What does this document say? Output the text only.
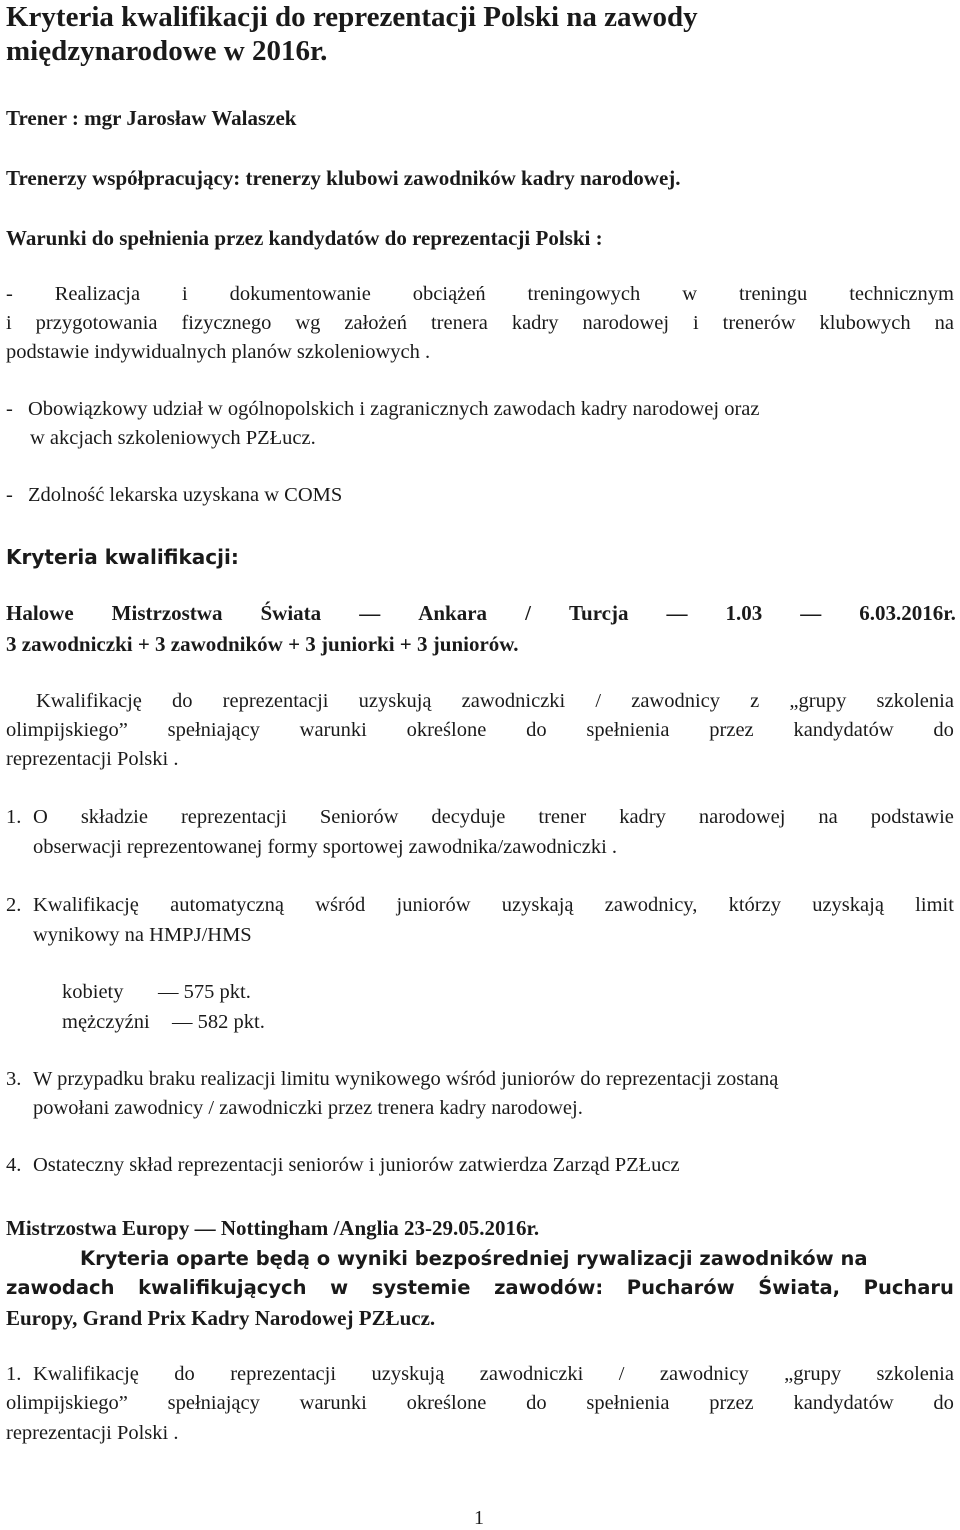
Kryteria kwalifikacji do reprezentacji Polski na zawody
międzynarodowe w 2016r.
Trener : mgr Jarosław Walaszek
Trenerzy współpracujący: trenerzy klubowi zawodników kadry narodowej.
Warunki do spełnienia przez kandydatów do reprezentacji Polski :
- Realizacja i dokumentowanie obciążeń treningowych w treningu technicznym
i przygotowania fizycznego wg założeń trenera kadry narodowej i trenerów klubowych na
podstawie indywidualnych planów szkoleniowych .
- Obowiązkowy udział w ogólnopolskich i zagranicznych zawodach kadry narodowej oraz
w akcjach szkoleniowych PZŁucz.
- Zdolność lekarska uzyskana w COMS
Kryteria kwalifikacji:
Halowe Mistrzostwa Świata — Ankara / Turcja — 1.03 — 6.03.2016r.
3 zawodniczki + 3 zawodników + 3 juniorki + 3 juniorów.
Kwalifikację do reprezentacji uzyskują zawodniczki / zawodnicy z „grupy szkolenia
olimpijskiego” spełniający warunki określone do spełnienia przez kandydatów do
reprezentacji Polski .
1. O składzie reprezentacji Seniorów decyduje trener kadry narodowej na podstawie
obserwacji reprezentowanej formy sportowej zawodnika/zawodniczki .
2. Kwalifikację automatyczną wśród juniorów uzyskają zawodnicy, którzy uzyskają limit
wynikowy na HMPJ/HMS
kobiety — 575 pkt.
mężczyźni — 582 pkt.
3. W przypadku braku realizacji limitu wynikowego wśród juniorów do reprezentacji zostaną
powołani zawodnicy / zawodniczki przez trenera kadry narodowej.
4. Ostateczny skład reprezentacji seniorów i juniorów zatwierdza Zarząd PZŁucz
Mistrzostwa Europy — Nottingham /Anglia 23-29.05.2016r.
Kryteria oparte będą o wyniki bezpośredniej rywalizacji zawodników na
zawodach kwalifikujących w systemie zawodów: Pucharów Świata, Pucharu
Europy, Grand Prix Kadry Narodowej PZŁucz.
1. Kwalifikację do reprezentacji uzyskują zawodniczki / zawodnicy „grupy szkolenia
olimpijskiego” spełniający warunki określone do spełnienia przez kandydatów do
reprezentacji Polski .
1
